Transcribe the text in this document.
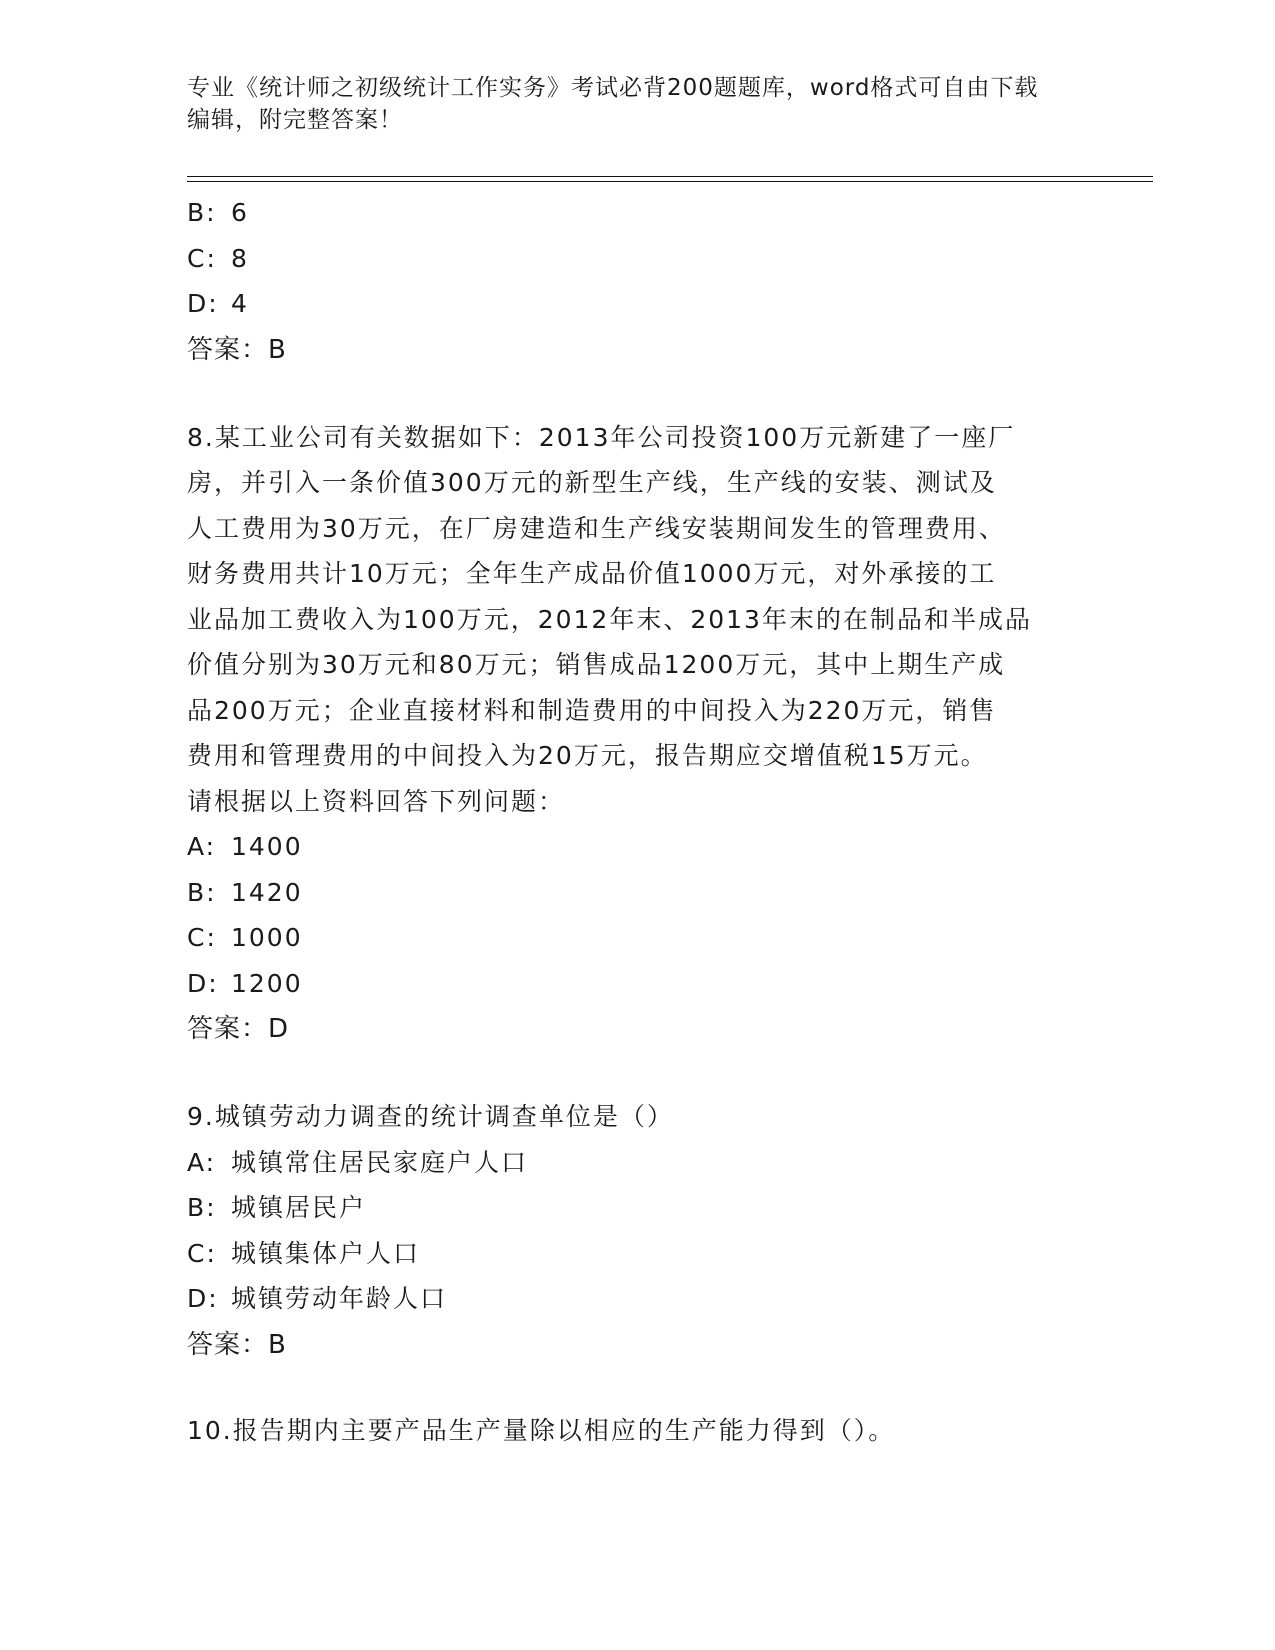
专业《统计师之初级统计工作实务》考试必背200题题库，word格式可自由下载
编辑，附完整答案！
B: 6
C: 8
D: 4
答案：B
8.某工业公司有关数据如下：2013年公司投资100万元新建了一座厂
房，并引入一条价值300万元的新型生产线，生产线的安装、测试及
人工费用为30万元，在厂房建造和生产线安装期间发生的管理费用、
财务费用共计10万元；全年生产成品价值1000万元，对外承接的工
业品加工费收入为100万元，2012年末、2013年末的在制品和半成品
价值分别为30万元和80万元；销售成品1200万元，其中上期生产成
品200万元；企业直接材料和制造费用的中间投入为220万元，销售
费用和管理费用的中间投入为20万元，报告期应交增值税15万元。
请根据以上资料回答下列问题：
A: 1400
B: 1420
C: 1000
D: 1200
答案：D
9.城镇劳动力调查的统计调查单位是（）
A: 城镇常住居民家庭户人口
B: 城镇居民户
C: 城镇集体户人口
D: 城镇劳动年龄人口
答案：B
10.报告期内主要产品生产量除以相应的生产能力得到（）。
